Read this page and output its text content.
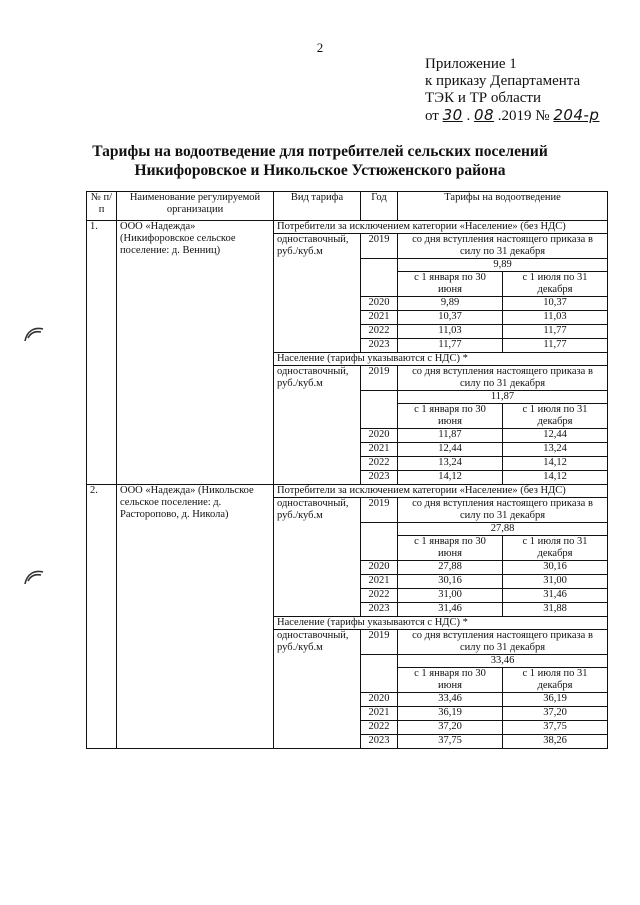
2
Приложение 1
к приказу Департамента
ТЭК и ТР области
от 30 . 08 .2019 № 204-р
Тарифы на водоотведение для потребителей сельских поселений
Никифоровское и Никольское Устюженского района
№ п/п	Наименование регулируемой организации	Вид тарифа	Год	Тарифы на водоотведение	
1.	ООО «Надежда» (Никифоровское сельское поселение: д. Венниц)	Потребители за исключением категории «Население» (без НДС)			
		одноставочный, руб./куб.м	2019	со дня вступления настоящего приказа в силу по 31 декабря	
				9,89	
				с 1 января по 30 июня	с 1 июля по 31 декабря
			2020	9,89	10,37
			2021	10,37	11,03
			2022	11,03	11,77
			2023	11,77	11,77
		Население (тарифы указываются с НДС) *			
		одноставочный, руб./куб.м	2019	со дня вступления настоящего приказа в силу по 31 декабря	
				11,87	
				с 1 января по 30 июня	с 1 июля по 31 декабря
			2020	11,87	12,44
			2021	12,44	13,24
			2022	13,24	14,12
			2023	14,12	14,12
2.	ООО «Надежда» (Никольское сельское поселение: д. Расторопово, д. Никола)	Потребители за исключением категории «Население» (без НДС)			
		одноставочный, руб./куб.м	2019	со дня вступления настоящего приказа в силу по 31 декабря	
				27,88	
				с 1 января по 30 июня	с 1 июля по 31 декабря
			2020	27,88	30,16
			2021	30,16	31,00
			2022	31,00	31,46
			2023	31,46	31,88
		Население (тарифы указываются с НДС) *			
		одноставочный, руб./куб.м	2019	со дня вступления настоящего приказа в силу по 31 декабря	
				33,46	
				с 1 января по 30 июня	с 1 июля по 31 декабря
			2020	33,46	36,19
			2021	36,19	37,20
			2022	37,20	37,75
			2023	37,75	38,26
